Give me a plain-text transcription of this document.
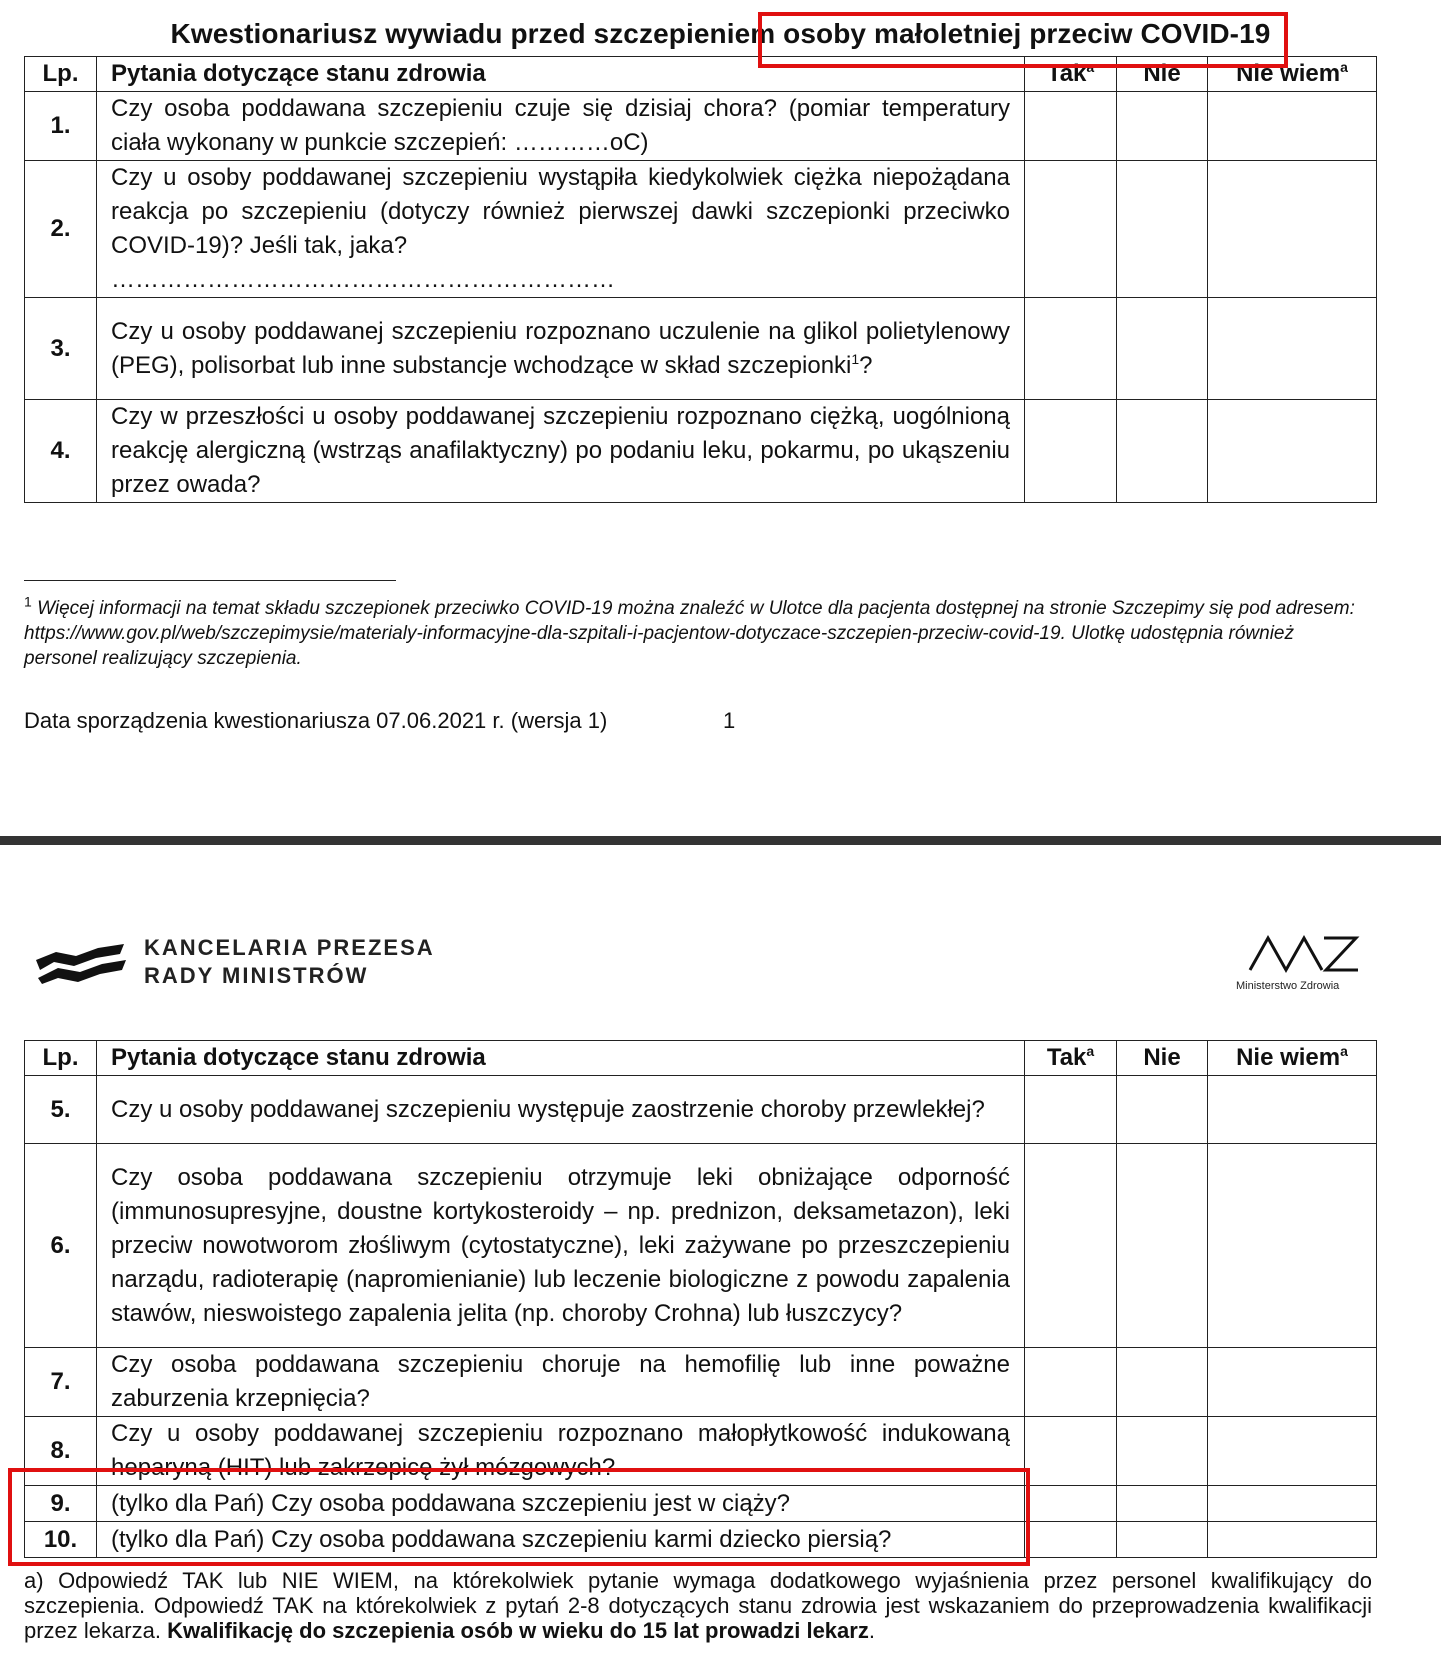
Kwestionariusz wywiadu przed szczepieniem osoby małoletniej przeciw COVID-19
Lp.	Pytania dotyczące stanu zdrowia	Tak$^a$	Nie	Nie wiem$^a$
1.	Czy osoba poddawana szczepieniu czuje się dzisiaj chora? (pomiar temperatury ciała wykonany w punkcie szczepień: …………oC)			
2.	Czy u osoby poddawanej szczepieniu wystąpiła kiedykolwiek ciężka niepożądana reakcja po szczepieniu (dotyczy również pierwszej dawki szczepionki przeciwko COVID-19)? Jeśli tak, jaka?
………………………………………………………			
3.	Czy u osoby poddawanej szczepieniu rozpoznano uczulenie na glikol polietylenowy (PEG), polisorbat lub inne substancje wchodzące w skład szczepionki$^1$?			
4.	Czy w przeszłości u osoby poddawanej szczepieniu rozpoznano ciężką, uogólnioną reakcję alergiczną (wstrząs anafilaktyczny) po podaniu leku, pokarmu, po ukąszeniu przez owada?			
$^1$ Więcej informacji na temat składu szczepionek przeciwko COVID-19 można znaleźć w Ulotce dla pacjenta dostępnej na stronie Szczepimy się pod adresem: https://www.gov.pl/web/szczepimysie/materialy-informacyjne-dla-szpitali-i-pacjentow-dotyczace-szczepien-przeciw-covid-19. Ulotkę udostępnia również personel realizujący szczepienia.
Data sporządzenia kwestionariusza 07.06.2021 r. (wersja 1)	1
KANCELARIA PREZESA
RADY MINISTRÓW	Ministerstwo Zdrowia
Lp.	Pytania dotyczące stanu zdrowia	Tak$^a$	Nie	Nie wiem$^a$
5.	Czy u osoby poddawanej szczepieniu występuje zaostrzenie choroby przewlekłej?			
6.	Czy osoba poddawana szczepieniu otrzymuje leki obniżające odporność (immunosupresyjne, doustne kortykosteroidy – np. prednizon, deksametazon), leki przeciw nowotworom złośliwym (cytostatyczne), leki zażywane po przeszczepieniu narządu, radioterapię (napromienianie) lub leczenie biologiczne z powodu zapalenia stawów, nieswoistego zapalenia jelita (np. choroby Crohna) lub łuszczycy?			
7.	Czy osoba poddawana szczepieniu choruje na hemofilię lub inne poważne zaburzenia krzepnięcia?			
8.	Czy u osoby poddawanej szczepieniu rozpoznano małopłytkowość indukowaną heparyną (HIT) lub zakrzepicę żył mózgowych?			
9.	(tylko dla Pań) Czy osoba poddawana szczepieniu jest w ciąży?			
10.	(tylko dla Pań) Czy osoba poddawana szczepieniu karmi dziecko piersią?			
a) Odpowiedź TAK lub NIE WIEM, na którekolwiek pytanie wymaga dodatkowego wyjaśnienia przez personel kwalifikujący do szczepienia. Odpowiedź TAK na którekolwiek z pytań 2-8 dotyczących stanu zdrowia jest wskazaniem do przeprowadzenia kwalifikacji przez lekarza. Kwalifikację do szczepienia osób w wieku do 15 lat prowadzi lekarz.
